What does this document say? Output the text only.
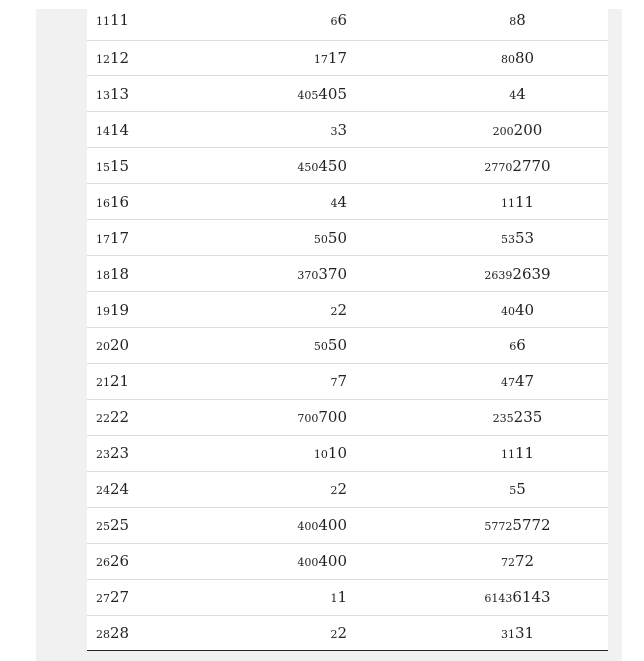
1111	66	88
1212	1717	8080
1313	405405	44
1414	33	200200
1515	450450	27702770
1616	44	1111
1717	5050	5353
1818	370370	26392639
1919	22	4040
2020	5050	66
2121	77	4747
2222	700700	235235
2323	1010	1111
2424	22	55
2525	400400	57725772
2626	400400	7272
2727	11	61436143
2828	22	3131
